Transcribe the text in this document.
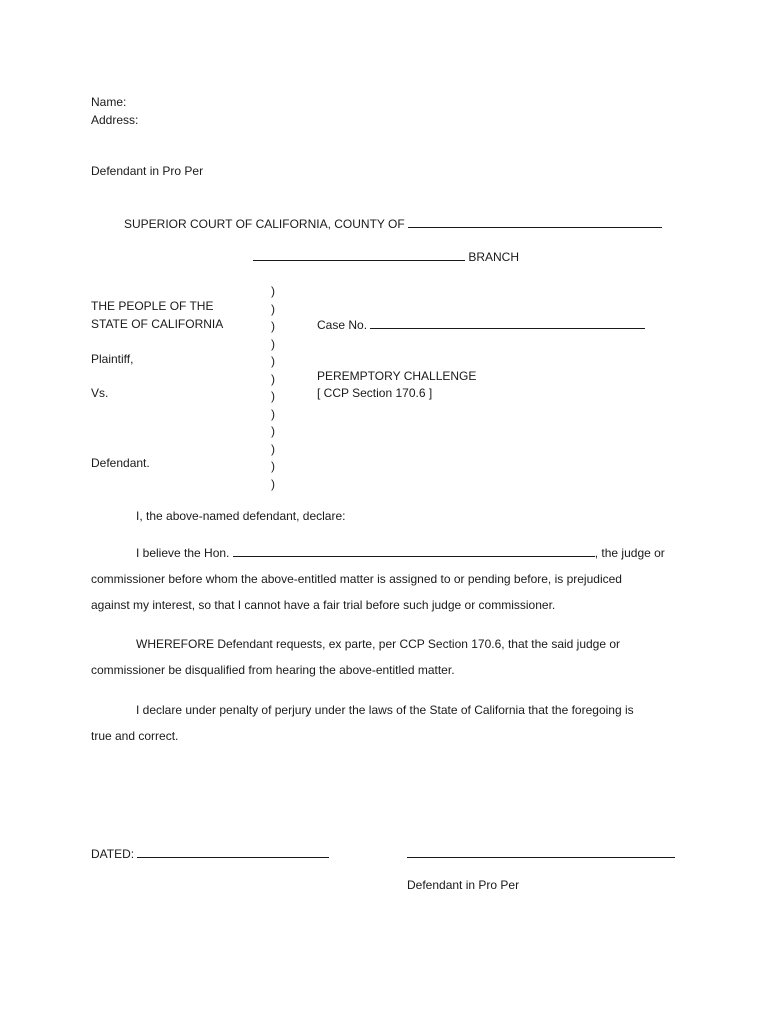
Name:
Address:
Defendant in Pro Per
SUPERIOR COURT OF CALIFORNIA, COUNTY OF
BRANCH
THE PEOPLE OF THE
STATE OF CALIFORNIA
Plaintiff,
Vs.
Defendant.
)
)
)
)
)
)
)
)
)
)
)
)
Case No.
PEREMPTORY CHALLENGE
[ CCP Section 170.6 ]
I, the above-named defendant, declare:
I believe the Hon.	, the judge or
commissioner before whom the above-entitled matter is assigned to or pending before, is prejudiced
against my interest, so that I cannot have a fair trial before such judge or commissioner.
WHEREFORE Defendant requests, ex parte, per CCP Section 170.6, that the said judge or
commissioner be disqualified from hearing the above-entitled matter.
I declare under penalty of perjury under the laws of the State of California that the foregoing is
true and correct.
DATED:
Defendant in Pro Per
